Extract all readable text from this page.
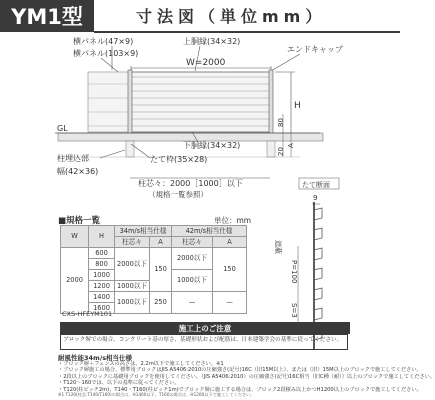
YM1型	寸法図（単位mm）
横パネル(47×9)
横パネル(103×9)
上胴縁(34×32)
エンドキャップ
W=2000
H
GL
80
20
A
下胴縁(34×32)
たて枠(35×28)
柱埋込部
幅(42×36)
柱芯々：2000［1000］以下
（規格一覧参照）
たて断面
9
遮蔽
P=100
S=3
■規格一覧	単位：mm
W	H	34m/s相当仕様		42m/s相当仕様	
		柱芯々	A	柱芯々	A
2000	600	2000以下	150	2000以下	150
	800				
	1000			1000以下	
	1200	1000以下			
	1400	1000以下	250	—	—
	1600				
CXS-HFEYM101
施工上のご注意
ブロック塀での場合、コンクリート基の厚さ、基礎形状および配筋は、日本建築学会の基準に従ってください。
耐風性能34m/s相当仕様
・ブロック塀＋フェンスの高さは、2.2m以下で施工してください。※1
・ブロック塀施工の場合、標準用ブロックはJIS A5406:2010の圧縮強さ(記号)16C（旧15M以上）、または（旧）15M以上のブロックで施工してください。
・2段以上のブロックに基礎用ブロックを使用してください。（JIS A5406:2010）の圧縮強さ(記号)16C相当（旧C種（耐））以上のブロックで施工してください。
・T120〜160では、以下の基準に従ってください。
・T120(柱ピッチ2m)、T140・T160(柱ピッチ1m)でブロック塀に施工する場合は、ブロック2段積み以上かつH1200以上のブロックで施工してください。
※1 T120(柱芯:T140/T160)の場合は、H1400以下。T160の場合は、H1200以下で施工してください。
